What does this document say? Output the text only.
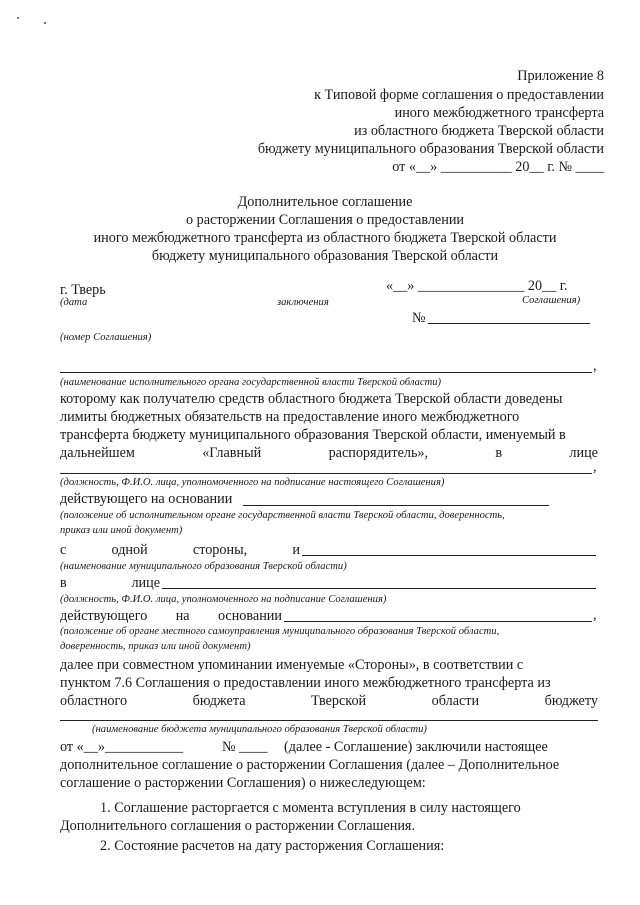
Приложение 8
к Типовой форме соглашения о предоставлении
иного межбюджетного трансферта
из областного бюджета Тверской области
бюджету муниципального образования Тверской области
от «__» __________ 20__ г. № ____
Дополнительное соглашение
о расторжении Соглашения о предоставлении
иного межбюджетного трансферта из областного бюджета Тверской области
бюджету муниципального образования Тверской области
г. Тверь	«__» _______________ 20__ г.
(дата	заключения	Соглашения)
№
(номер Соглашения)
,
(наименование исполнительного органа государственной власти Тверской области)
которому как получателю средств областного бюджета Тверской области доведены
лимиты бюджетных обязательств на предоставление иного межбюджетного
трансферта бюджету муниципального образования Тверской области, именуемый в
дальнейшем	«Главный	распорядитель»,	в	лице
,
(должность, Ф.И.О. лица, уполномоченного на подписание настоящего Соглашения)
действующего на основании
(положение об исполнительном органе государственной власти Тверской области, доверенность,
приказ или иной документ)
с	одной	стороны,	и
(наименование муниципального образования Тверской области)
в	лице
(должность, Ф.И.О. лица, уполномоченного на подписание Соглашения)
действующего на основании	,
(положение об органе местного самоуправления муниципального образования Тверской области,
доверенность, приказ или иной документ)
далее при совместном упоминании именуемые «Стороны», в соответствии с
пунктом 7.6 Соглашения о предоставлении иного межбюджетного трансферта из
областного	бюджета	Тверской	области	бюджету
(наименование бюджета муниципального образования Тверской области)
от «__»___________	№ ____ (далее - Соглашение) заключили настоящее
дополнительное соглашение о расторжении Соглашения (далее – Дополнительное
соглашение о расторжении Соглашения) о нижеследующем:
1. Соглашение расторгается с момента вступления в силу настоящего
Дополнительного соглашения о расторжении Соглашения.
2. Состояние расчетов на дату расторжения Соглашения:
